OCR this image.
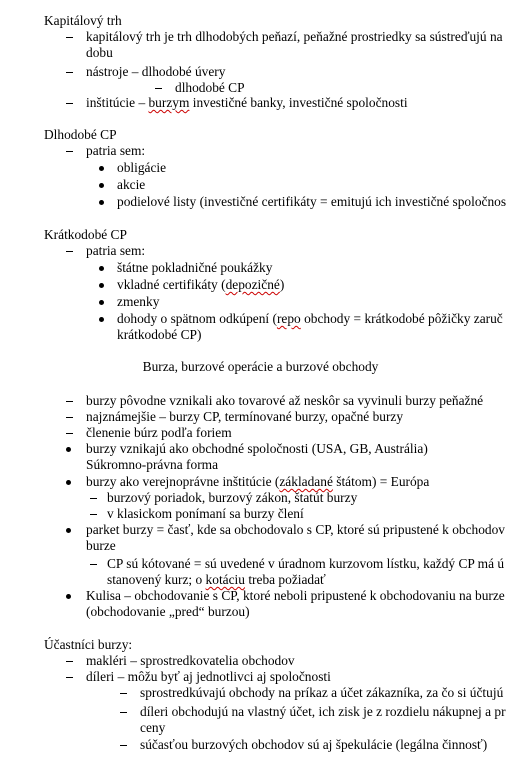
Kapitálový trh
kapitálový trh je trh dlhodobých peňazí, peňažné prostriedky sa sústreďujú na
dobu
nástroje – dlhodobé úvery
dlhodobé CP
inštitúcie – burzym investičné banky, investičné spoločnosti
Dlhodobé CP
patria sem:
obligácie
akcie
podielové listy (investičné certifikáty = emitujú ich investičné spoločnos
Krátkodobé CP
patria sem:
štátne pokladničné poukážky
vkladné certifikáty (depozičné)
zmenky
dohody o spätnom odkúpení (repo obchody = krátkodobé pôžičky zaruč
krátkodobé CP)
Burza, burzové operácie a burzové obchody
burzy pôvodne vznikali ako tovarové až neskôr sa vyvinuli burzy peňažné
najznámejšie – burzy CP, termínované burzy, opačné burzy
členenie búrz podľa foriem
burzy vznikajú ako obchodné spoločnosti (USA, GB, Austrália)
Súkromno-právna forma
burzy ako verejnoprávne inštitúcie (základané štátom) = Európa
burzový poriadok, burzový zákon, štatút burzy
v klasickom ponímaní sa burzy člení
parket burzy = časť, kde sa obchodovalo s CP, ktoré sú pripustené k obchodov
burze
CP sú kótované = sú uvedené v úradnom kurzovom lístku, každý CP má ú
stanovený kurz; o kotáciu treba požiadať
Kulisa – obchodovanie s CP, ktoré neboli pripustené k obchodovaniu na burze
(obchodovanie „pred“ burzou)
Účastníci burzy:
makléri – sprostredkovatelia obchodov
díleri – môžu byť aj jednotlivci aj spoločnosti
sprostredkúvajú obchody na príkaz a účet zákazníka, za čo si účtujú
díleri obchodujú na vlastný účet, ich zisk je z rozdielu nákupnej a pr
ceny
súčasťou burzových obchodov sú aj špekulácie (legálna činnosť)
